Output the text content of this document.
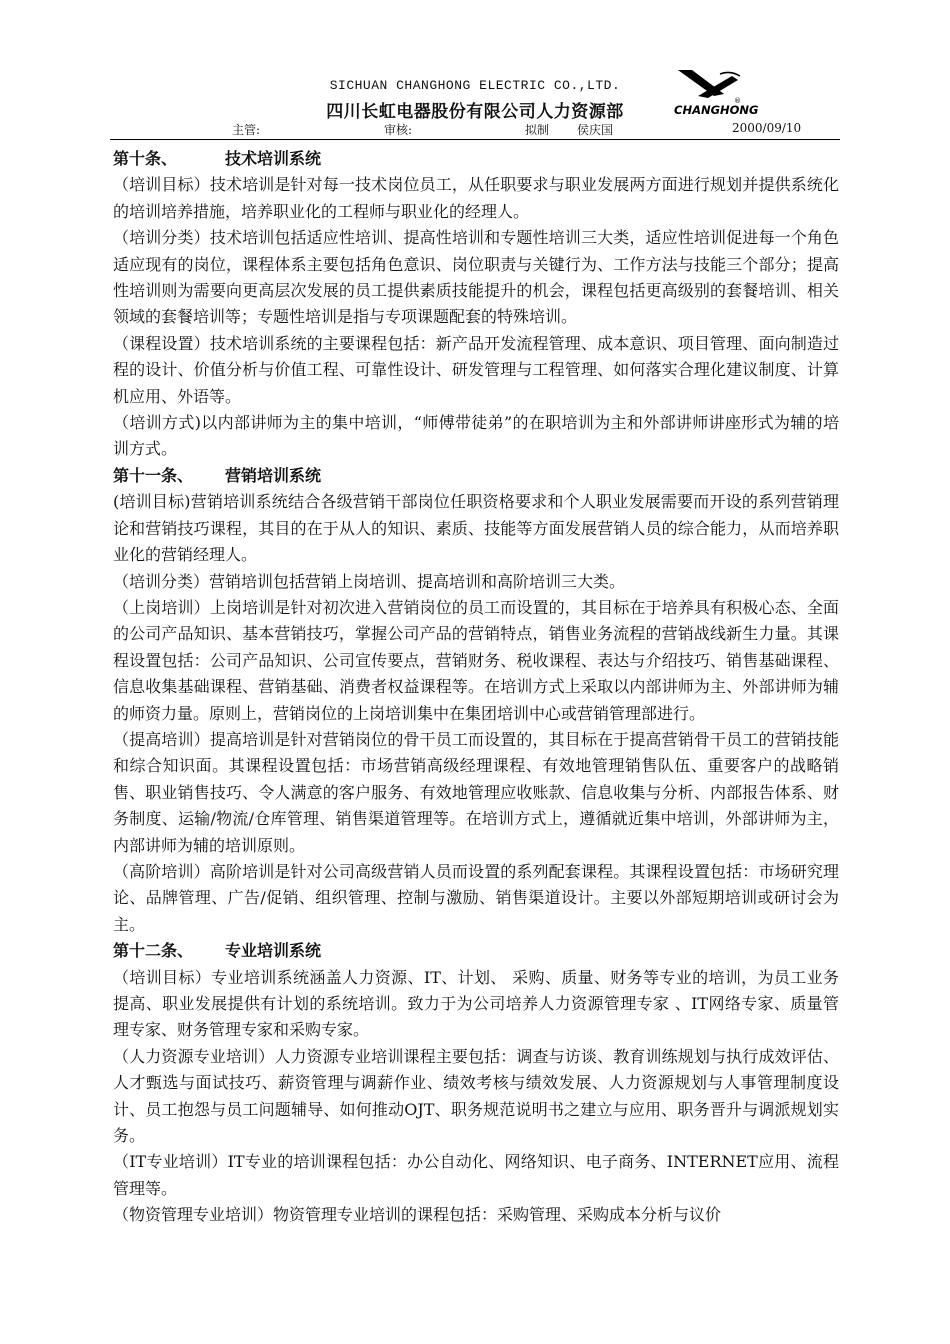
SICHUAN CHANGHONG ELECTRIC CO.,LTD.
四川长虹电器股份有限公司人力资源部
®
CHANGHONG
主管:	审核:	拟制 侯庆国	2000/09/10

第十条、	技术培训系统

（培训目标）技术培训是针对每一技术岗位员工，从任职要求与职业发展两方面进行规划并提供系统化的培训培养措施，培养职业化的工程师与职业化的经理人。

（培训分类）技术培训包括适应性培训、提高性培训和专题性培训三大类，适应性培训促进每一个角色适应现有的岗位，课程体系主要包括角色意识、岗位职责与关键行为、工作方法与技能三个部分；提高性培训则为需要向更高层次发展的员工提供素质技能提升的机会，课程包括更高级别的套餐培训、相关领域的套餐培训等；专题性培训是指与专项课题配套的特殊培训。

（课程设置）技术培训系统的主要课程包括：新产品开发流程管理、成本意识、项目管理、面向制造过程的设计、价值分析与价值工程、可靠性设计、研发管理与工程管理、如何落实合理化建议制度、计算机应用、外语等。

（培训方式)以内部讲师为主的集中培训，“师傅带徒弟”的在职培训为主和外部讲师讲座形式为辅的培训方式。

第十一条、 营销培训系统

(培训目标)营销培训系统结合各级营销干部岗位任职资格要求和个人职业发展需要而开设的系列营销理论和营销技巧课程，其目的在于从人的知识、素质、技能等方面发展营销人员的综合能力，从而培养职业化的营销经理人。

（培训分类）营销培训包括营销上岗培训、提高培训和高阶培训三大类。

（上岗培训）上岗培训是针对初次进入营销岗位的员工而设置的，其目标在于培养具有积极心态、全面的公司产品知识、基本营销技巧，掌握公司产品的营销特点，销售业务流程的营销战线新生力量。其课程设置包括：公司产品知识、公司宣传要点，营销财务、税收课程、表达与介绍技巧、销售基础课程、信息收集基础课程、营销基础、消费者权益课程等。在培训方式上采取以内部讲师为主、外部讲师为辅的师资力量。原则上，营销岗位的上岗培训集中在集团培训中心或营销管理部进行。

（提高培训）提高培训是针对营销岗位的骨干员工而设置的，其目标在于提高营销骨干员工的营销技能和综合知识面。其课程设置包括：市场营销高级经理课程、有效地管理销售队伍、重要客户的战略销售、职业销售技巧、令人满意的客户服务、有效地管理应收账款、信息收集与分析、内部报告体系、财务制度、运输/物流/仓库管理、销售渠道管理等。在培训方式上，遵循就近集中培训，外部讲师为主，内部讲师为辅的培训原则。

（高阶培训）高阶培训是针对公司高级营销人员而设置的系列配套课程。其课程设置包括：市场研究理论、品牌管理、广告/促销、组织管理、控制与激励、销售渠道设计。主要以外部短期培训或研讨会为主。

第十二条、 专业培训系统

（培训目标）专业培训系统涵盖人力资源、IT、计划、 采购、质量、财务等专业的培训，为员工业务提高、职业发展提供有计划的系统培训。致力于为公司培养人力资源管理专家 、IT网络专家、质量管理专家、财务管理专家和采购专家。

（人力资源专业培训）人力资源专业培训课程主要包括：调查与访谈、教育训练规划与执行成效评估、人才甄选与面试技巧、薪资管理与调薪作业、绩效考核与绩效发展、人力资源规划与人事管理制度设计、员工抱怨与员工问题辅导、如何推动OJT、职务规范说明书之建立与应用、职务晋升与调派规划实务。

（IT专业培训）IT专业的培训课程包括：办公自动化、网络知识、电子商务、INTERNET应用、流程管理等。

（物资管理专业培训）物资管理专业培训的课程包括：采购管理、采购成本分析与议价
